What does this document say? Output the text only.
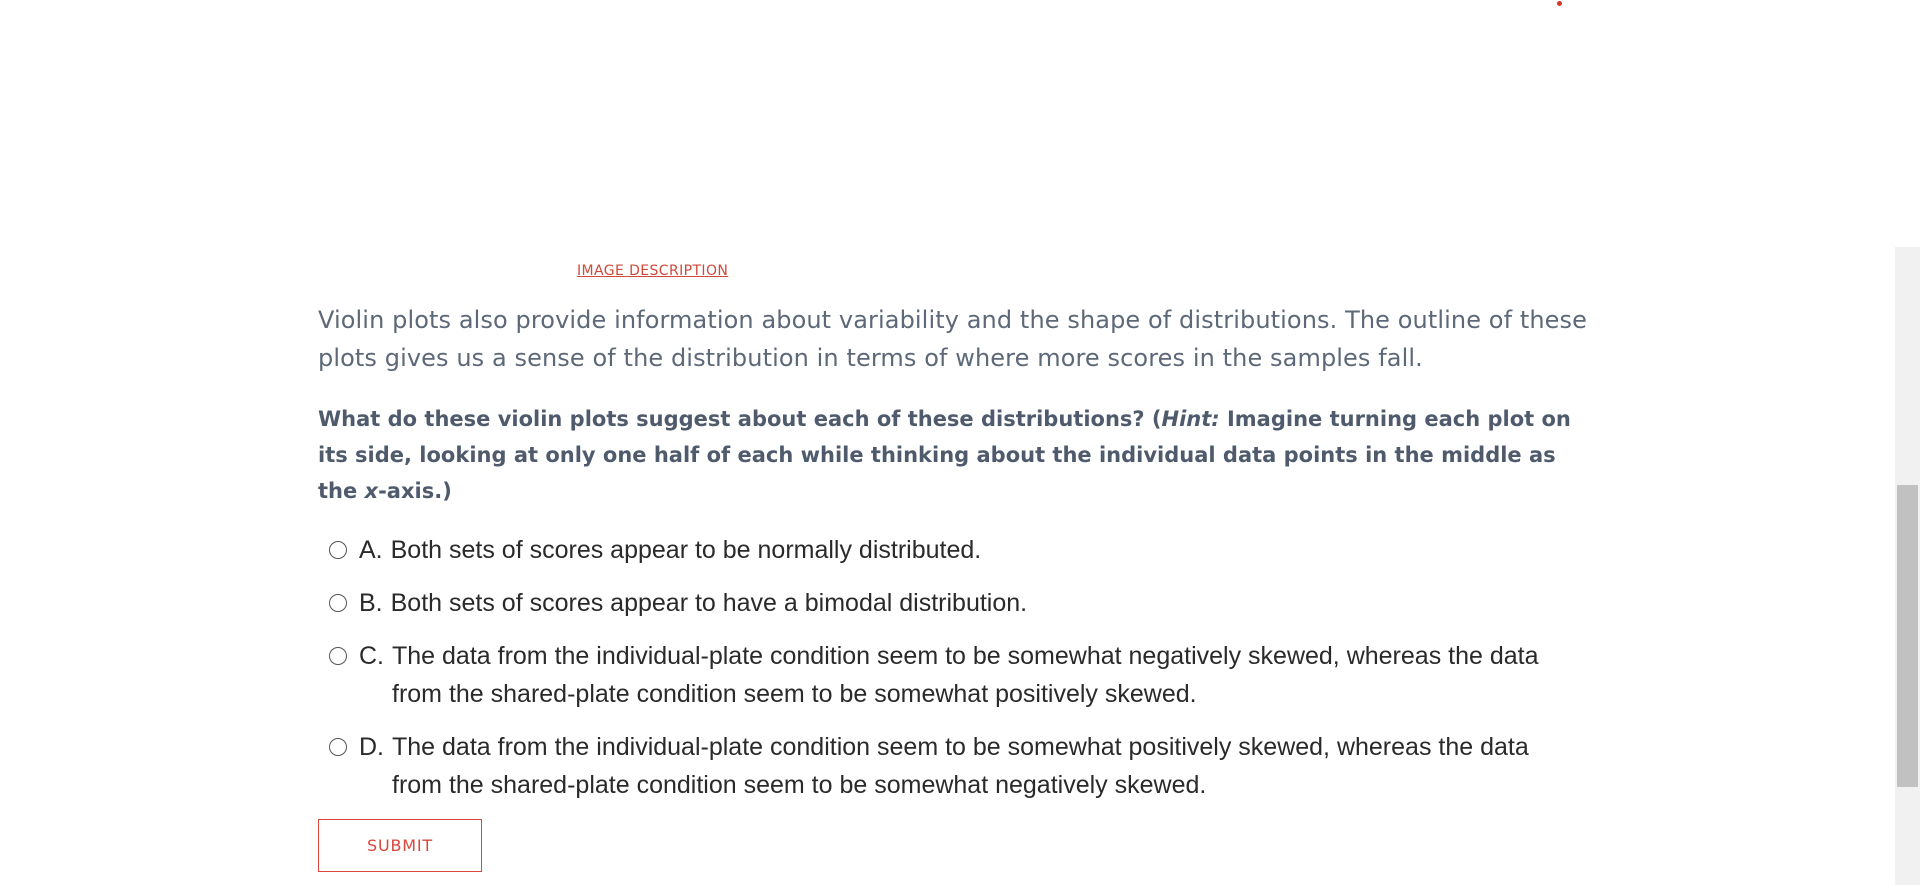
IMAGE DESCRIPTION

Violin plots also provide information about variability and the shape of distributions. The outline of these plots gives us a sense of the distribution in terms of where more scores in the samples fall.

What do these violin plots suggest about each of these distributions? (Hint: Imagine turning each plot on its side, looking at only one half of each while thinking about the individual data points in the middle as the x-axis.)

A. Both sets of scores appear to be normally distributed.
B. Both sets of scores appear to have a bimodal distribution.
C. The data from the individual-plate condition seem to be somewhat negatively skewed, whereas the data from the shared-plate condition seem to be somewhat positively skewed.
D. The data from the individual-plate condition seem to be somewhat positively skewed, whereas the data from the shared-plate condition seem to be somewhat negatively skewed.
SUBMIT
